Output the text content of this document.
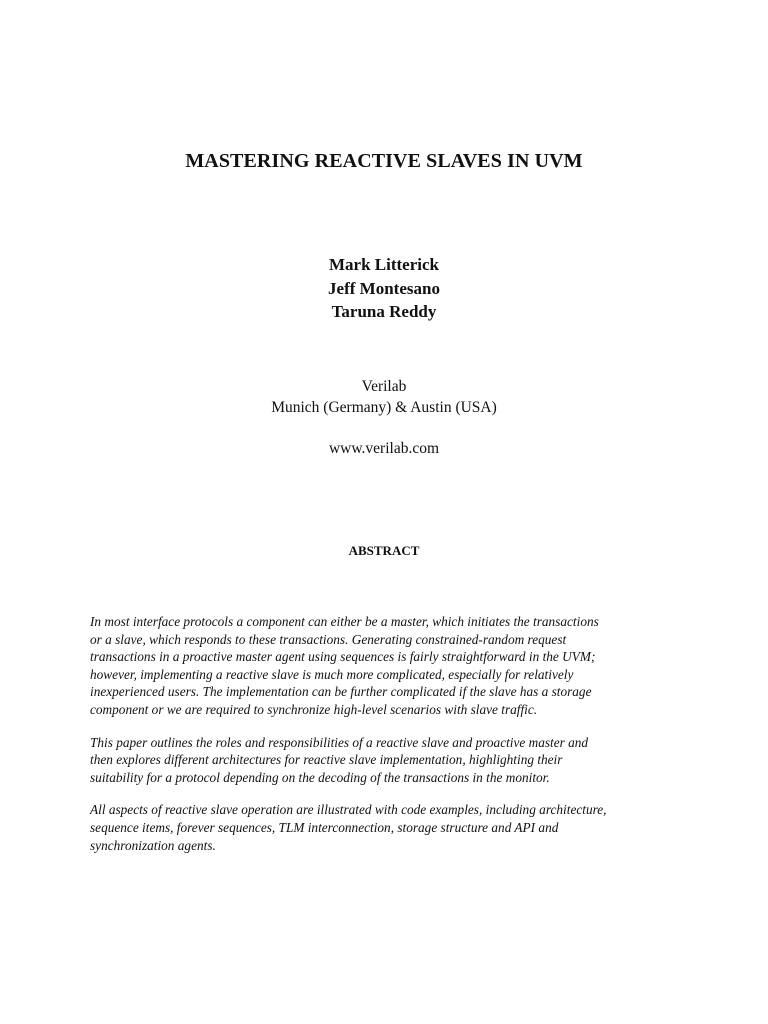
MASTERING REACTIVE SLAVES IN UVM
Mark Litterick
Jeff Montesano
Taruna Reddy
Verilab
Munich (Germany) & Austin (USA)
www.verilab.com
ABSTRACT

In most interface protocols a component can either be a master, which initiates the transactions
or a slave, which responds to these transactions. Generating constrained-random request
transactions in a proactive master agent using sequences is fairly straightforward in the UVM;
however, implementing a reactive slave is much more complicated, especially for relatively
inexperienced users. The implementation can be further complicated if the slave has a storage
component or we are required to synchronize high-level scenarios with slave traffic.

This paper outlines the roles and responsibilities of a reactive slave and proactive master and
then explores different architectures for reactive slave implementation, highlighting their
suitability for a protocol depending on the decoding of the transactions in the monitor.

All aspects of reactive slave operation are illustrated with code examples, including architecture,
sequence items, forever sequences, TLM interconnection, storage structure and API and
synchronization agents.
